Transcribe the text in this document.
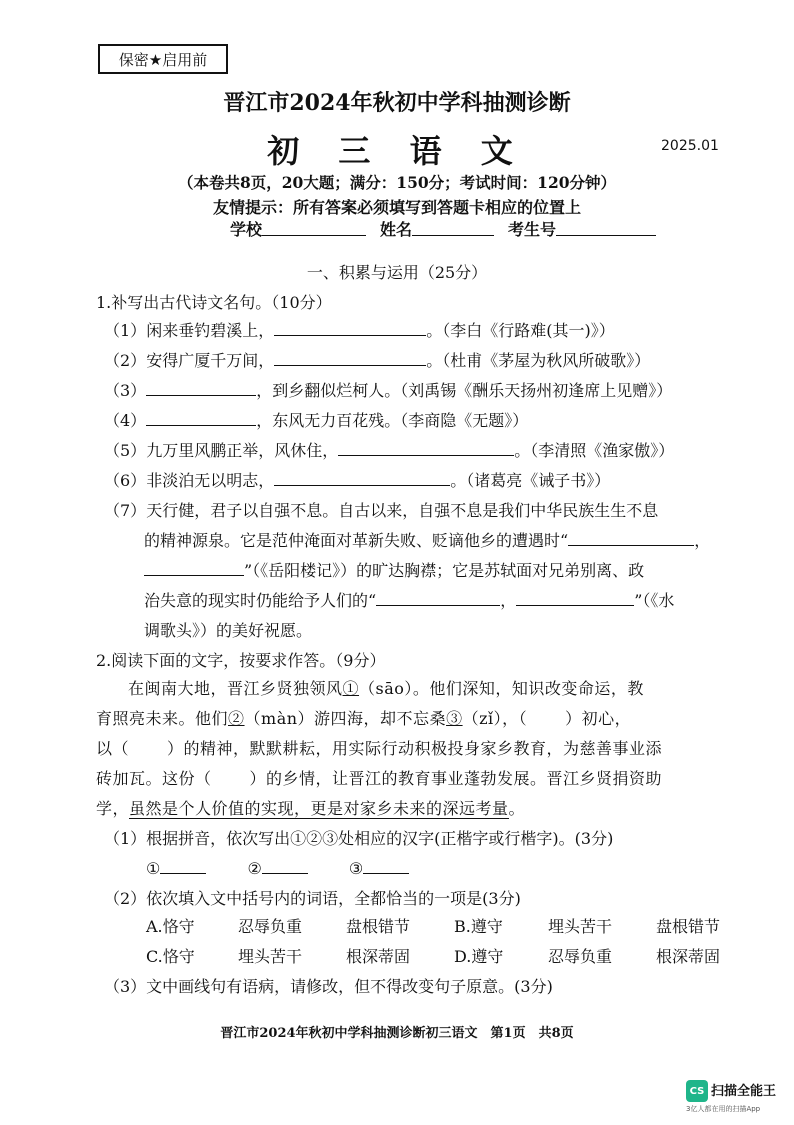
保密★启用前
晋江市2024年秋初中学科抽测诊断
初 三 语 文	2025.01
（本卷共8页，20大题；满分：150分；考试时间：120分钟）
友情提示：所有答案必须填写到答题卡相应的位置上
学校	姓名	考生号
一、积累与运用（25分）
1.补写出古代诗文名句。（10分）
（1）闲来垂钓碧溪上，	。（李白《行路难(其一)》）
（2）安得广厦千万间，	。（杜甫《茅屋为秋风所破歌》）
（3）	，到乡翻似烂柯人。（刘禹锡《酬乐天扬州初逢席上见赠》）
（4）	，东风无力百花残。（李商隐《无题》）
（5）九万里风鹏正举，风休住，	。（李清照《渔家傲》）
（6）非淡泊无以明志，	。（诸葛亮《诫子书》）
（7）天行健，君子以自强不息。自古以来，自强不息是我们中华民族生生不息
的精神源泉。它是范仲淹面对革新失败、贬谪他乡的遭遇时“	，
”（《岳阳楼记》）的旷达胸襟；它是苏轼面对兄弟别离、政
治失意的现实时仍能给予人们的“	，	”（《水
调歌头》）的美好祝愿。
2.阅读下面的文字，按要求作答。（9分）
在闽南大地，晋江乡贤独领风①（sāo）。他们深知，知识改变命运，教
育照亮未来。他们②（màn）游四海，却不忘桑③（zǐ），（ ）初心，
以（ ）的精神，默默耕耘，用实际行动积极投身家乡教育，为慈善事业添
砖加瓦。这份（ ）的乡情，让晋江的教育事业蓬勃发展。晋江乡贤捐资助
学，虽然是个人价值的实现，更是对家乡未来的深远考量。
（1）根据拼音，依次写出①②③处相应的汉字(正楷字或行楷字)。(3分)
①	②	③
（2）依次填入文中括号内的词语，全都恰当的一项是(3分)
A.恪守	忍辱负重	盘根错节	B.遵守	埋头苦干	盘根错节
C.恪守	埋头苦干	根深蒂固	D.遵守	忍辱负重	根深蒂固
（3）文中画线句有语病，请修改，但不得改变句子原意。(3分)
晋江市2024年秋初中学科抽测诊断初三语文　第1页　共8页
CS 扫描全能王
3亿人都在用的扫描App
